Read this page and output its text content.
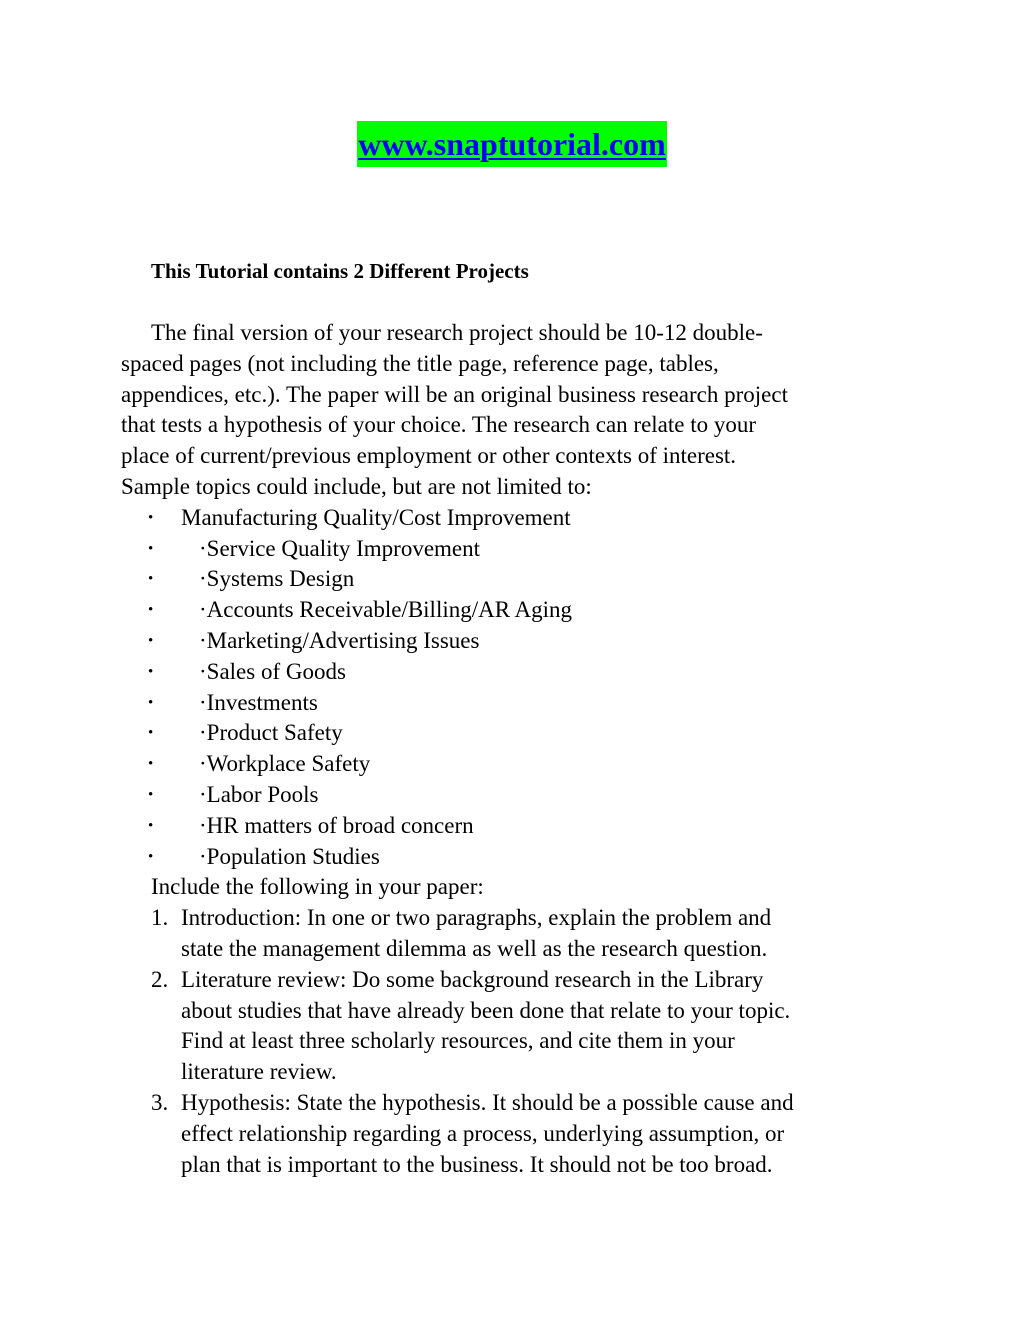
www.snaptutorial.com

This Tutorial contains 2 Different Projects

The final version of your research project should be 10-12 double-
spaced pages (not including the title page, reference page, tables,
appendices, etc.). The paper will be an original business research project
that tests a hypothesis of your choice. The research can relate to your
place of current/previous employment or other contexts of interest.
Sample topics could include, but are not limited to:

• Manufacturing Quality/Cost Improvement
• ·Service Quality Improvement
• ·Systems Design
• ·Accounts Receivable/Billing/AR Aging
• ·Marketing/Advertising Issues
• ·Sales of Goods
• ·Investments
• ·Product Safety
• ·Workplace Safety
• ·Labor Pools
• ·HR matters of broad concern
• ·Population Studies

Include the following in your paper:

1. Introduction: In one or two paragraphs, explain the problem and
state the management dilemma as well as the research question.
2. Literature review: Do some background research in the Library
about studies that have already been done that relate to your topic.
Find at least three scholarly resources, and cite them in your
literature review.
3. Hypothesis: State the hypothesis. It should be a possible cause and
effect relationship regarding a process, underlying assumption, or
plan that is important to the business. It should not be too broad.
